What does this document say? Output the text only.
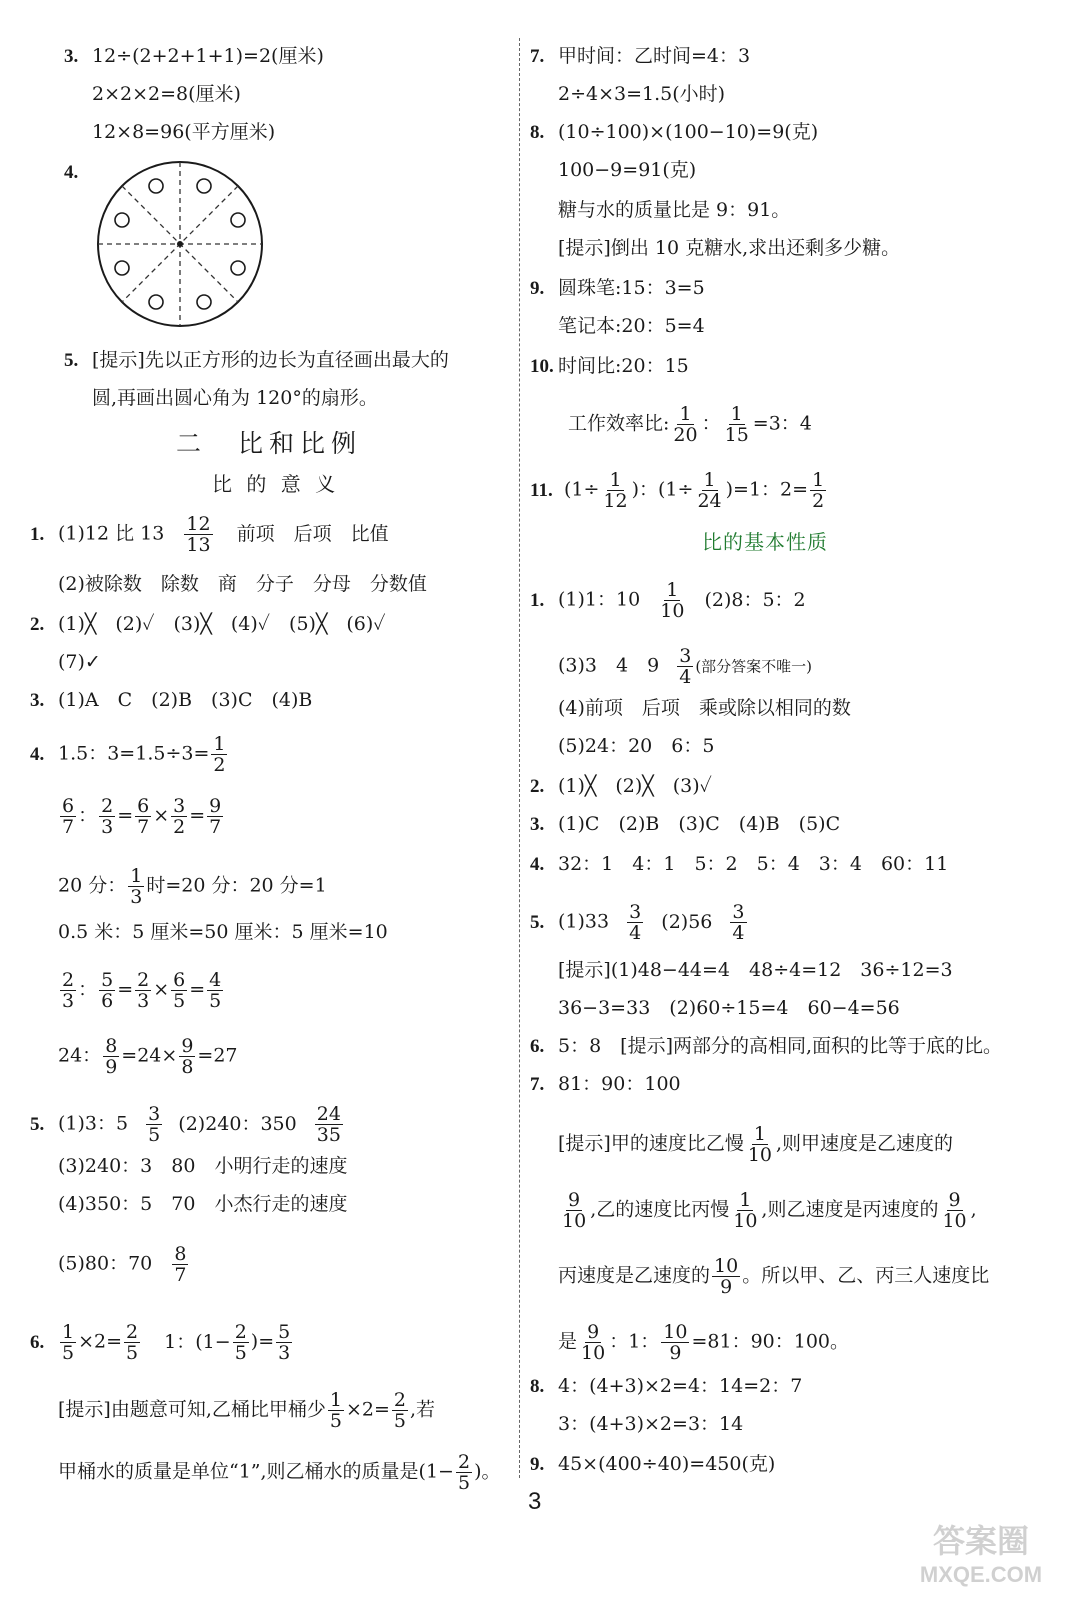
3. 12÷(2+2+1+1)=2(厘米)
2×2×2=8(厘米)
12×8=96(平方厘米)
4.
5. [提示]先以正方形的边长为直径画出最大的
圆,再画出圆心角为 120°的扇形。
二　比和比例
比 的 意 义
1. (1)12 比 $13 \frac{12}{13}$ 前项　后项　比值
(2)被除数　除数　商　分子　分母　分数值
2. (1)╳　(2)✓　(3)╳　(4)✓　(5)╳　(6)✓
(7)✓
3. (1)A　C　(2)B　(3)C　(4)B
4. 1.5：$3=1.5\div 3= \frac{1}{2}$
$\frac{6}{7}$ ： $\frac{2}{3} = \frac{6}{7} \times \frac{3}{2} = \frac{9}{7}$
20 分： $\frac{1}{3}$ 时=20 分：20 分=1
0.5 米：5 厘米=50 厘米：5 厘米=10
$\frac{2}{3}$ ： $\frac{5}{6} = \frac{2}{3} \times \frac{6}{5} = \frac{4}{5}$
24： $\frac{8}{9} =24\times \frac{9}{8} =27$
5. (1)3：$5 \frac{3}{5} (2)240$：$350 \frac{24}{35}$
(3)240：3　80　小明行走的速度
(4)350：5　70　小杰行走的速度
(5)80：$70 \frac{8}{7}$
6. $\frac{1}{5} \times 2= \frac{2}{5} 1$：($1- \frac{2}{5}$ )= $\frac{5}{3}$
[提示]由题意可知,乙桶比甲桶少 $\frac{1}{5} \times 2= \frac{2}{5}$ ,若
甲桶水的质量是单位“1”,则乙桶水的质量是($1- \frac{2}{5}$ )。
7. 甲时间：乙时间=4：3
2÷4×3=1.5(小时)
8. (10÷100)×(100−10)=9(克)
100−9=91(克)
糖与水的质量比是 9：91。
[提示]倒出 10 克糖水,求出还剩多少糖。
9. 圆珠笔:15：3=5
笔记本:20：5=4
10. 时间比:20：15
工作效率比: $\frac{1}{20}$ ： $\frac{1}{15} =3$：4
11. ($1\div \frac{1}{12}$ )：$(1\div \frac{1}{24} )=1$：$2= \frac{1}{2}$
比的基本性质
1. (1)1：$10 \frac{1}{10} (2)8$：5：2
(3)3　4　$9 \frac{3}{4}$ (部分答案不唯一)
(4)前项　后项　乘或除以相同的数
(5)24：20　6：5
2. (1)╳　(2)╳　(3)✓
3. (1)C　(2)B　(3)C　(4)B　(5)C
4. 32：1　4：1　5：2　5：4　3：4　60：11
5. $(1)33 \frac{3}{4} (2)56 \frac{3}{4}$
[提示](1)48−44=4　48÷4=12　36÷12=3
36−3=33　(2)60÷15=4　60−4=56
6. 5：8　[提示]两部分的高相同,面积的比等于底的比。
7. 81：90：100
[提示]甲的速度比乙慢 $\frac{1}{10}$ ,则甲速度是乙速度的
$\frac{9}{10}$ ,乙的速度比丙慢 $\frac{1}{10}$ ,则乙速度是丙速度的 $\frac{9}{10}$ ,
丙速度是乙速度的 $\frac{10}{9}$ 。所以甲、乙、丙三人速度比
是 $\frac{9}{10}$ ：1： $\frac{10}{9} =81$：90：100。
8. 4：(4+3)×2=4：14=2：7
3：(4+3)×2=3：14
9. 45×(400÷40)=450(克)
3
答案圈
MXQE.COM
